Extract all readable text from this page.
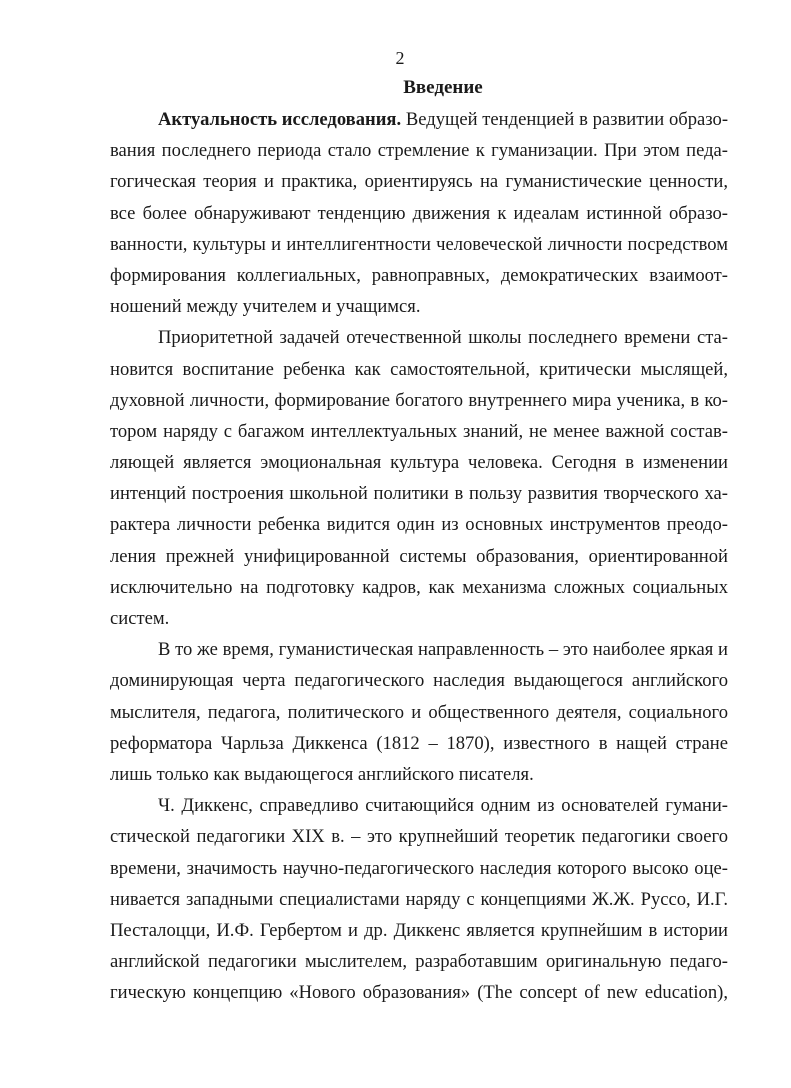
2
Введение
Актуальность исследования. Ведущей тенденцией в развитии образо-
вания последнего периода стало стремление к гуманизации. При этом педа-
гогическая теория и практика, ориентируясь на гуманистические ценности,
все более обнаруживают тенденцию движения к идеалам истинной образо-
ванности, культуры и интеллигентности человеческой личности посредством
формирования коллегиальных, равноправных, демократических взаимоот-
ношений между учителем и учащимся.
Приоритетной задачей отечественной школы последнего времени ста-
новится воспитание ребенка как самостоятельной, критически мыслящей,
духовной личности, формирование богатого внутреннего мира ученика, в ко-
тором наряду с багажом интеллектуальных знаний, не менее важной состав-
ляющей является эмоциональная культура человека. Сегодня в изменении
интенций построения школьной политики в пользу развития творческого ха-
рактера личности ребенка видится один из основных инструментов преодо-
ления прежней унифицированной системы образования, ориентированной
исключительно на подготовку кадров, как механизма сложных социальных
систем.
В то же время, гуманистическая направленность – это наиболее яркая и
доминирующая черта педагогического наследия выдающегося английского
мыслителя, педагога, политического и общественного деятеля, социального
реформатора Чарльза Диккенса (1812 – 1870), известного в нащей стране
лишь только как выдающегося английского писателя.
Ч. Диккенс, справедливо считающийся одним из основателей гумани-
стической педагогики XIX в. – это крупнейший теоретик педагогики своего
времени, значимость научно-педагогического наследия которого высоко оце-
нивается западными специалистами наряду с концепциями Ж.Ж. Руссо, И.Г.
Песталоцци, И.Ф. Гербертом и др. Диккенс является крупнейшим в истории
английской педагогики мыслителем, разработавшим оригинальную педаго-
гическую концепцию «Нового образования» (The concept of new education),
